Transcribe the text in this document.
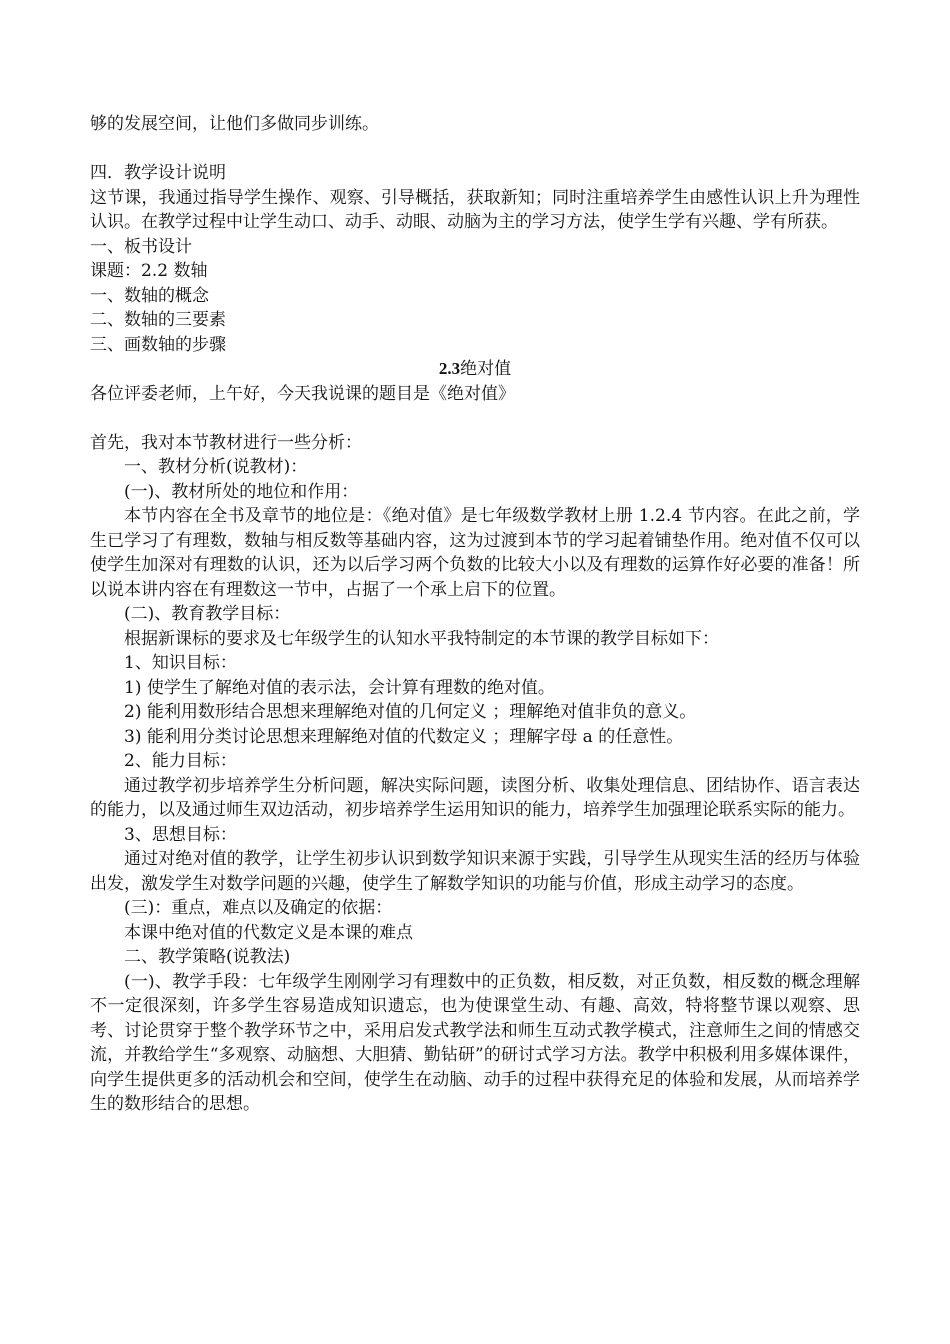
够的发展空间，让他们多做同步训练。

四．教学设计说明

这节课，我通过指导学生操作、观察、引导概括，获取新知；同时注重培养学生由感性认识上升为理性认识。在教学过程中让学生动口、动手、动眼、动脑为主的学习方法，使学生学有兴趣、学有所获。

一、板书设计

课题：2.2 数轴

一、数轴的概念

二、数轴的三要素

三、画数轴的步骤

2.3绝对值

各位评委老师，上午好，今天我说课的题目是《绝对值》

首先，我对本节教材进行一些分析：

一、教材分析(说教材)：

(一)、教材所处的地位和作用：

本节内容在全书及章节的地位是：《绝对值》是七年级数学教材上册 1.2.4 节内容。在此之前，学生已学习了有理数，数轴与相反数等基础内容，这为过渡到本节的学习起着铺垫作用。绝对值不仅可以使学生加深对有理数的认识，还为以后学习两个负数的比较大小以及有理数的运算作好必要的准备！所以说本讲内容在有理数这一节中，占据了一个承上启下的位置。

(二)、教育教学目标：

根据新课标的要求及七年级学生的认知水平我特制定的本节课的教学目标如下：

1、知识目标：

1) 使学生了解绝对值的表示法，会计算有理数的绝对值。

2) 能利用数形结合思想来理解绝对值的几何定义 ；理解绝对值非负的意义。

3) 能利用分类讨论思想来理解绝对值的代数定义 ；理解字母 a 的任意性。

2、能力目标：

通过教学初步培养学生分析问题，解决实际问题，读图分析、收集处理信息、团结协作、语言表达的能力，以及通过师生双边活动，初步培养学生运用知识的能力，培养学生加强理论联系实际的能力。

3、思想目标：

通过对绝对值的教学，让学生初步认识到数学知识来源于实践，引导学生从现实生活的经历与体验出发，激发学生对数学问题的兴趣，使学生了解数学知识的功能与价值，形成主动学习的态度。

(三)：重点，难点以及确定的依据：

本课中绝对值的代数定义是本课的难点

二、教学策略(说教法)

(一)、教学手段：七年级学生刚刚学习有理数中的正负数，相反数，对正负数，相反数的概念理解不一定很深刻，许多学生容易造成知识遗忘，也为使课堂生动、有趣、高效，特将整节课以观察、思考、讨论贯穿于整个教学环节之中，采用启发式教学法和师生互动式教学模式，注意师生之间的情感交流，并教给学生“多观察、动脑想、大胆猜、勤钻研”的研讨式学习方法。教学中积极利用多媒体课件，向学生提供更多的活动机会和空间，使学生在动脑、动手的过程中获得充足的体验和发展，从而培养学生的数形结合的思想。
